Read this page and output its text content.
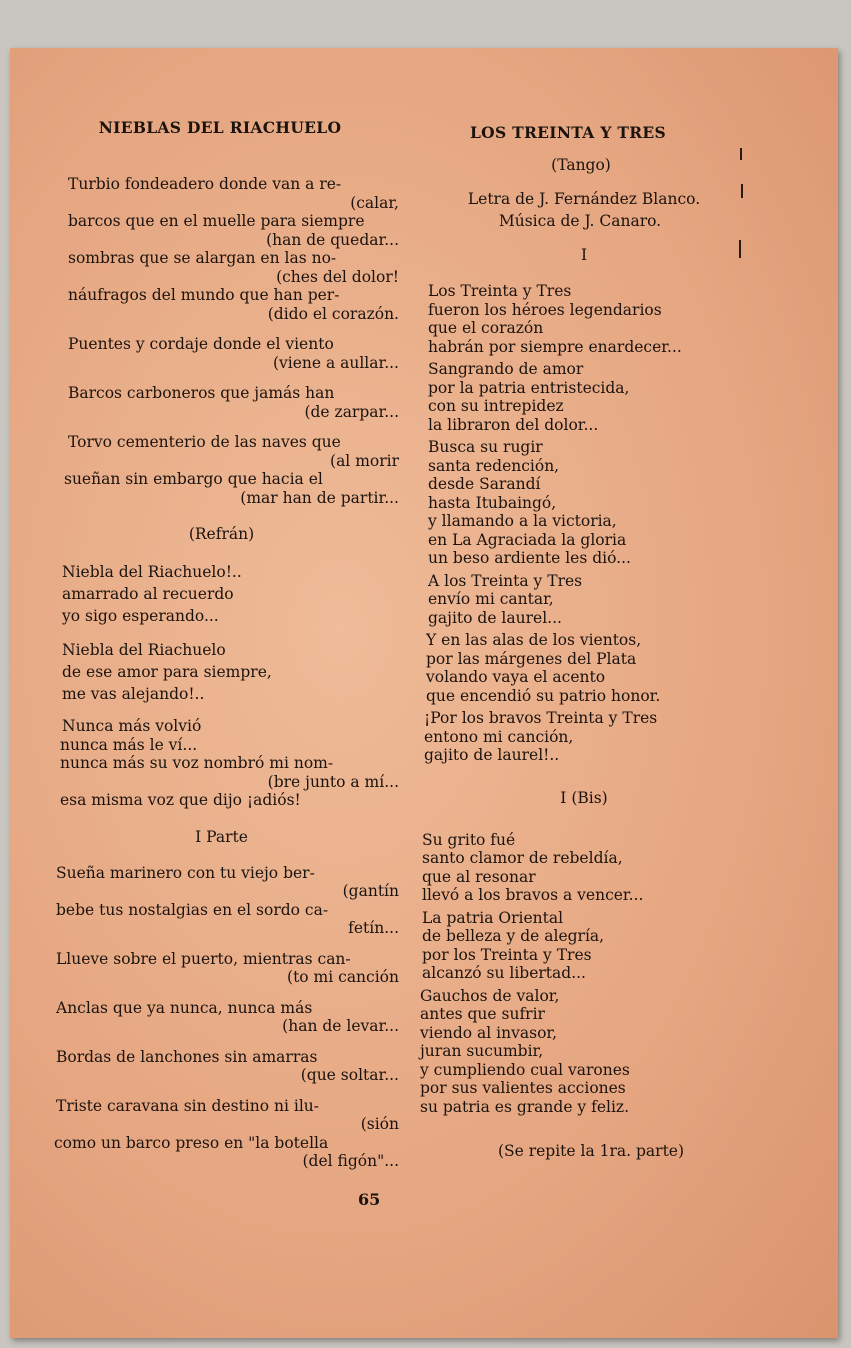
NIEBLAS DEL RIACHUELO

Turbio fondeadero donde van a re-

(calar,

barcos que en el muelle para siempre

(han de quedar...

sombras que se alargan en las no-

(ches del dolor!

náufragos del mundo que han per-

(dido el corazón.

Puentes y cordaje donde el viento

(viene a aullar...

Barcos carboneros que jamás han

(de zarpar...

Torvo cementerio de las naves que

(al morir

sueñan sin embargo que hacia el

(mar han de partir...

(Refrán)

Niebla del Riachuelo!..

amarrado al recuerdo

yo sigo esperando...

Niebla del Riachuelo

de ese amor para siempre,

me vas alejando!..

Nunca más volvió

nunca más le ví...

nunca más su voz nombró mi nom-

(bre junto a mí...

esa misma voz que dijo ¡adiós!

I Parte

Sueña marinero con tu viejo ber-

(gantín

bebe tus nostalgias en el sordo ca-

fetín...

Llueve sobre el puerto, mientras can-

(to mi canción

Anclas que ya nunca, nunca más

(han de levar...

Bordas de lanchones sin amarras

(que soltar...

Triste caravana sin destino ni ilu-

(sión

como un barco preso en "la botella

(del figón"...

LOS TREINTA Y TRES

(Tango)

Letra de J. Fernández Blanco.

Música de J. Canaro.

I

Los Treinta y Tres

fueron los héroes legendarios

que el corazón

habrán por siempre enardecer...

Sangrando de amor

por la patria entristecida,

con su intrepidez

la libraron del dolor...

Busca su rugir

santa redención,

desde Sarandí

hasta Itubaingó,

y llamando a la victoria,

en La Agraciada la gloria

un beso ardiente les dió...

A los Treinta y Tres

envío mi cantar,

gajito de laurel...

Y en las alas de los vientos,

por las márgenes del Plata

volando vaya el acento

que encendió su patrio honor.

¡Por los bravos Treinta y Tres

entono mi canción,

gajito de laurel!..

I (Bis)

Su grito fué

santo clamor de rebeldía,

que al resonar

llevó a los bravos a vencer...

La patria Oriental

de belleza y de alegría,

por los Treinta y Tres

alcanzó su libertad...

Gauchos de valor,

antes que sufrir

viendo al invasor,

juran sucumbir,

y cumpliendo cual varones

por sus valientes acciones

su patria es grande y feliz.

(Se repite la 1ra. parte)

65
